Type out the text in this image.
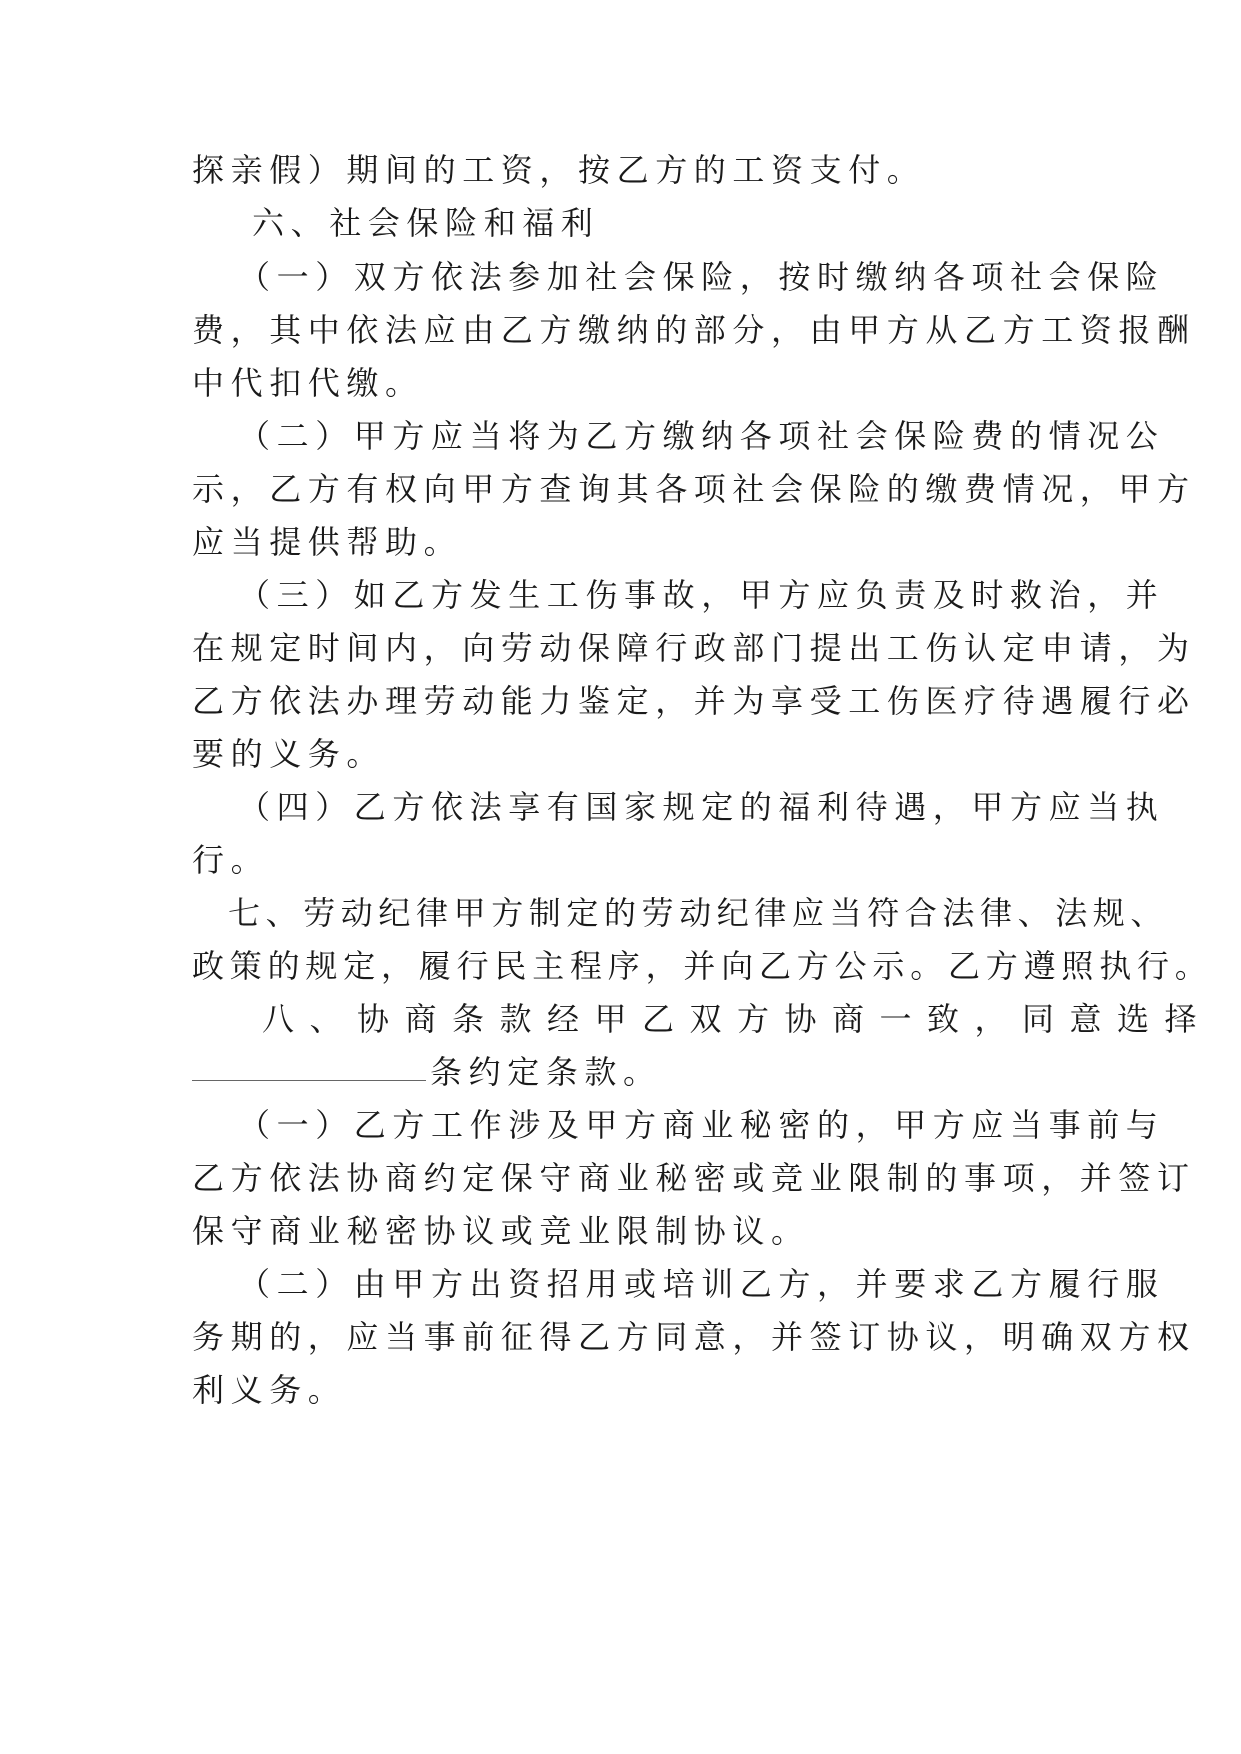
探亲假）期间的工资，按乙方的工资支付。
六、社会保险和福利
（一）双方依法参加社会保险，按时缴纳各项社会保险
费，其中依法应由乙方缴纳的部分，由甲方从乙方工资报酬
中代扣代缴。
（二）甲方应当将为乙方缴纳各项社会保险费的情况公
示，乙方有权向甲方查询其各项社会保险的缴费情况，甲方
应当提供帮助。
（三）如乙方发生工伤事故，甲方应负责及时救治，并
在规定时间内，向劳动保障行政部门提出工伤认定申请，为
乙方依法办理劳动能力鉴定，并为享受工伤医疗待遇履行必
要的义务。
（四）乙方依法享有国家规定的福利待遇，甲方应当执
行。
七、劳动纪律甲方制定的劳动纪律应当符合法律、法规、
政策的规定，履行民主程序，并向乙方公示。乙方遵照执行。
八、协商条款经甲乙双方协商一致，同意选择
条约定条款。
（一）乙方工作涉及甲方商业秘密的，甲方应当事前与
乙方依法协商约定保守商业秘密或竞业限制的事项，并签订
保守商业秘密协议或竞业限制协议。
（二）由甲方出资招用或培训乙方，并要求乙方履行服
务期的，应当事前征得乙方同意，并签订协议，明确双方权
利义务。
